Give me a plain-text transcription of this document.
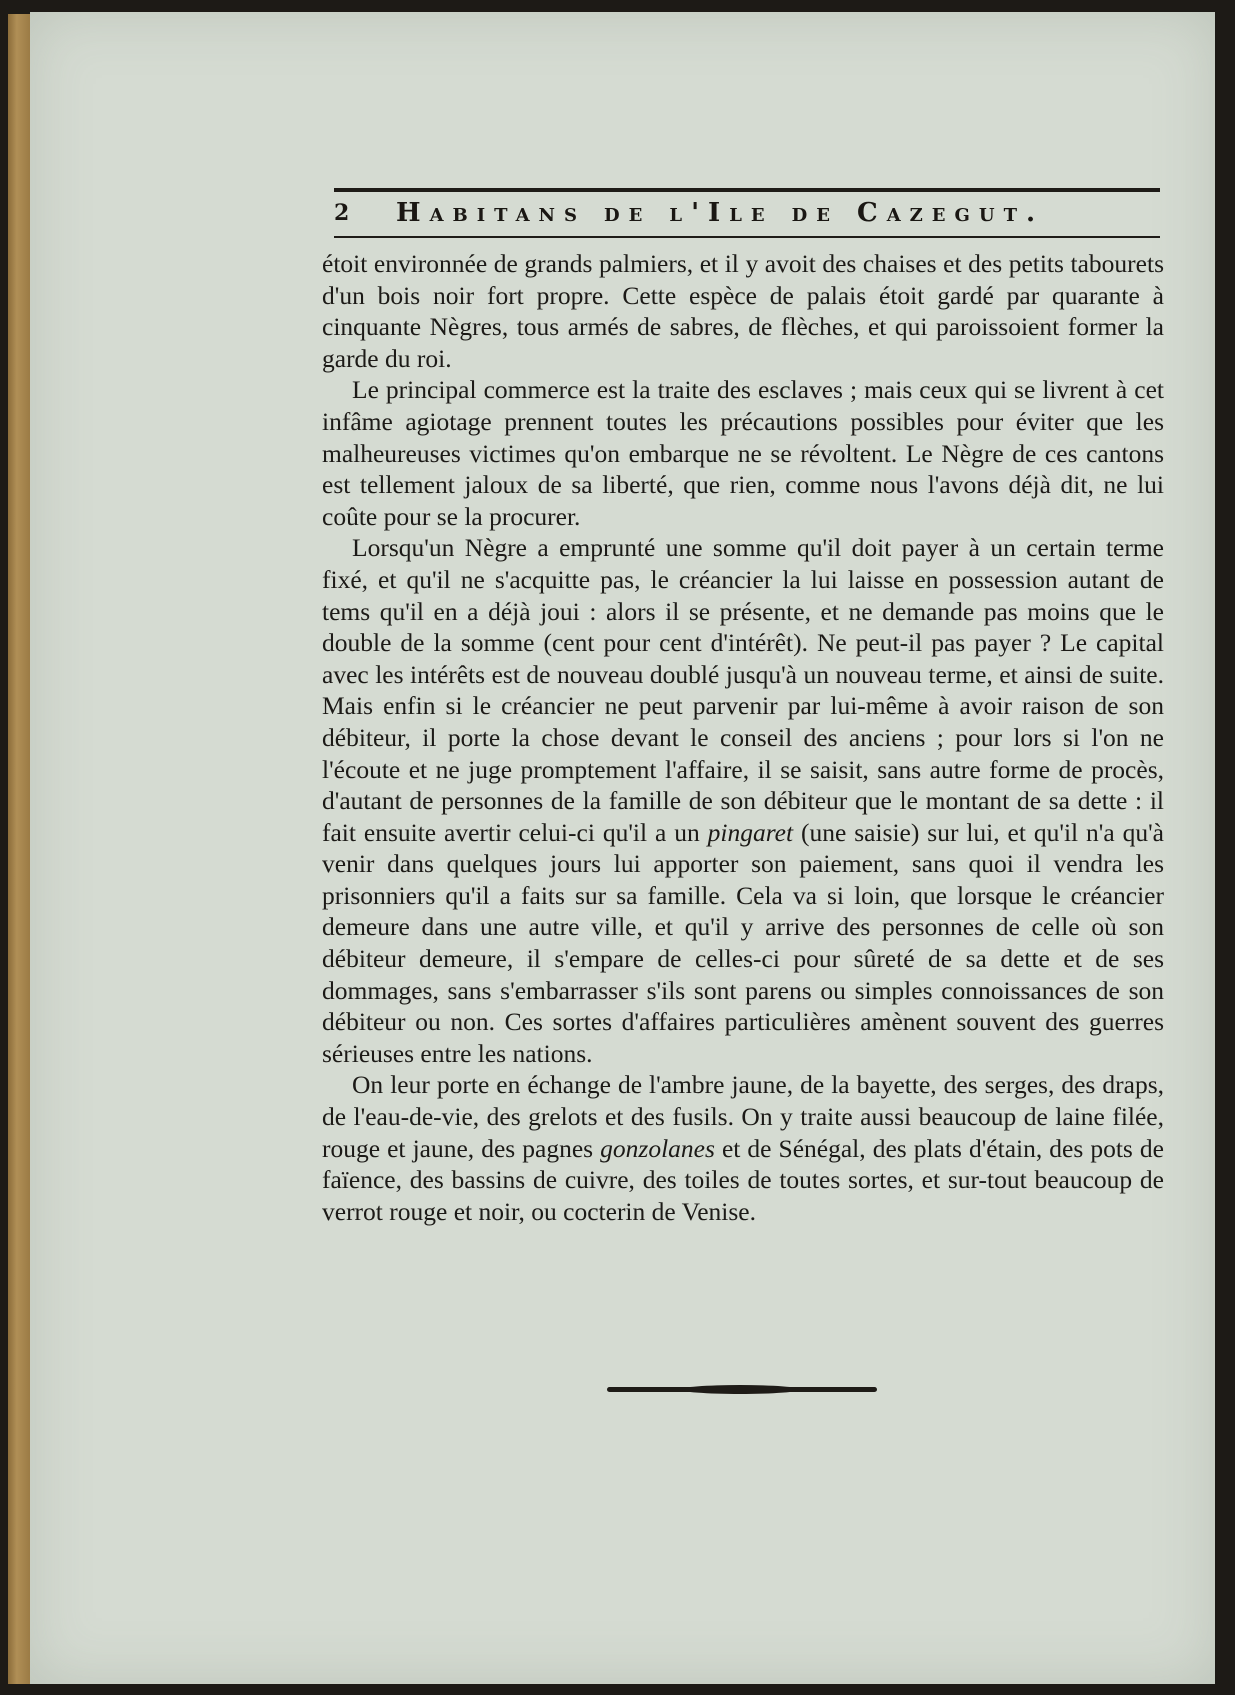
2 Habitans de l'Ile de Cazegut.

étoit environnée de grands palmiers, et il y avoit des chaises et des petits tabourets d'un bois noir fort propre. Cette espèce de palais étoit gardé par quarante à cinquante Nègres, tous armés de sabres, de flèches, et qui paroissoient former la garde du roi.

Le principal commerce est la traite des esclaves ; mais ceux qui se livrent à cet infâme agiotage prennent toutes les précautions possibles pour éviter que les malheureuses victimes qu'on embarque ne se révoltent. Le Nègre de ces cantons est tellement jaloux de sa liberté, que rien, comme nous l'avons déjà dit, ne lui coûte pour se la procurer.

Lorsqu'un Nègre a emprunté une somme qu'il doit payer à un certain terme fixé, et qu'il ne s'acquitte pas, le créancier la lui laisse en possession autant de tems qu'il en a déjà joui : alors il se présente, et ne demande pas moins que le double de la somme (cent pour cent d'intérêt). Ne peut-il pas payer ? Le capital avec les intérêts est de nouveau doublé jusqu'à un nouveau terme, et ainsi de suite. Mais enfin si le créancier ne peut parvenir par lui-même à avoir raison de son débiteur, il porte la chose devant le conseil des anciens ; pour lors si l'on ne l'écoute et ne juge promptement l'affaire, il se saisit, sans autre forme de procès, d'autant de personnes de la famille de son débiteur que le montant de sa dette : il fait ensuite avertir celui-ci qu'il a un pingaret (une saisie) sur lui, et qu'il n'a qu'à venir dans quelques jours lui apporter son paiement, sans quoi il vendra les prisonniers qu'il a faits sur sa famille. Cela va si loin, que lorsque le créancier demeure dans une autre ville, et qu'il y arrive des personnes de celle où son débiteur demeure, il s'empare de celles-ci pour sûreté de sa dette et de ses dommages, sans s'embarrasser s'ils sont parens ou simples connoissances de son débiteur ou non. Ces sortes d'affaires particulières amènent souvent des guerres sérieuses entre les nations.

On leur porte en échange de l'ambre jaune, de la bayette, des serges, des draps, de l'eau-de-vie, des grelots et des fusils. On y traite aussi beaucoup de laine filée, rouge et jaune, des pagnes gonzolanes et de Sénégal, des plats d'étain, des pots de faïence, des bassins de cuivre, des toiles de toutes sortes, et sur-tout beaucoup de verrot rouge et noir, ou cocterin de Venise.
